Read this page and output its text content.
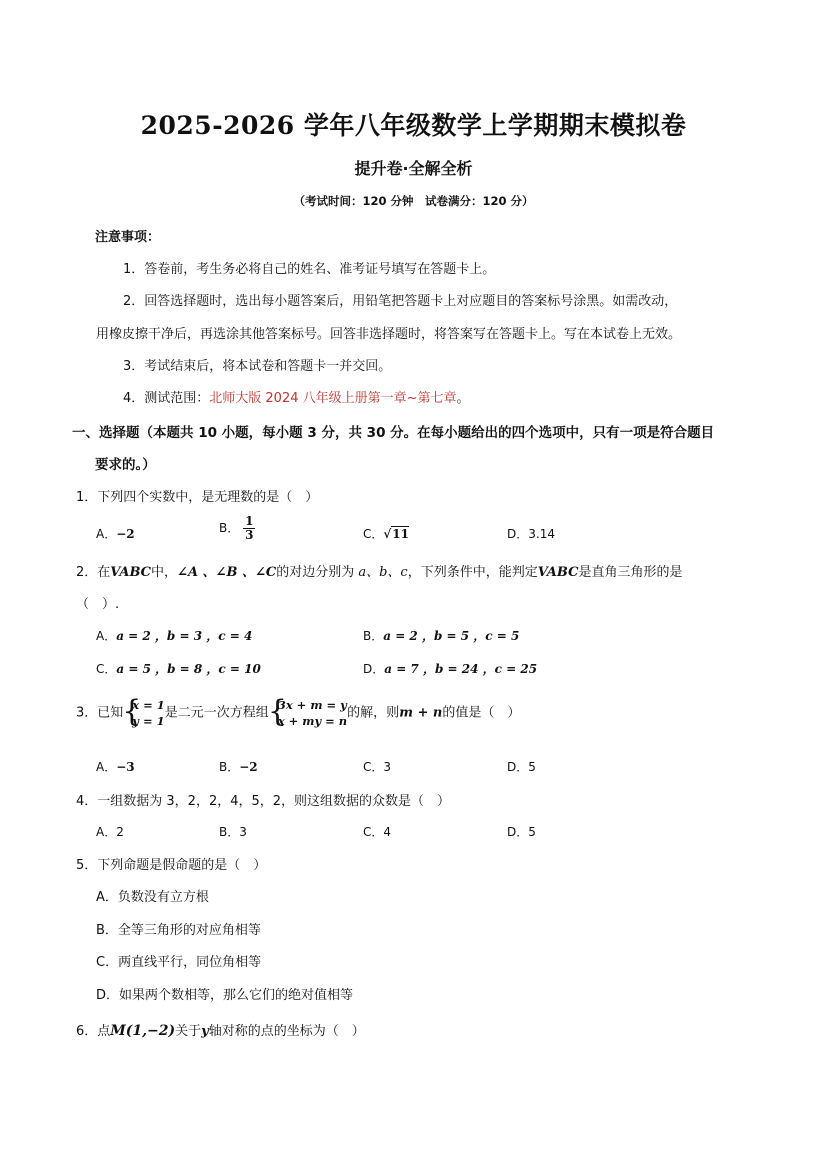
2025-2026 学年八年级数学上学期期末模拟卷
提升卷·全解全析
（考试时间：120 分钟　试卷满分：120 分）
注意事项：
1．答卷前，考生务必将自己的姓名、准考证号填写在答题卡上。
2．回答选择题时，选出每小题答案后，用铅笔把答题卡上对应题目的答案标号涂黑。如需改动，
用橡皮擦干净后，再选涂其他答案标号。回答非选择题时，将答案写在答题卡上。写在本试卷上无效。
3．考试结束后，将本试卷和答题卡一并交回。
4．测试范围：北师大版 2024 八年级上册第一章~第七章。
一、选择题（本题共 10 小题，每小题 3 分，共 30 分。在每小题给出的四个选项中，只有一项是符合题目
要求的。）
1．下列四个实数中，是无理数的是（　）
A．−2	B． $\frac{1}{3}$	C．√11	D．3.14
2．在VABC中，∠A 、∠B 、∠C的对边分别为 a、b、c，下列条件中，能判定VABC是直角三角形的是
（　）.
A．a = 2 ，b = 3 ，c = 4	B．a = 2 ，b = 5 ，c = 5
C．a = 5 ，b = 8 ，c = 10	D．a = 7 ，b = 24 ，c = 25
3．已知 {
x = 1
y = 1
是二元一次方程组 {
3x + m = y
x + my = n
的解，则m + n的值是（　）
A．−3	B．−2	C．3	D．5
4．一组数据为 3，2，2，4，5，2，则这组数据的众数是（　）
A．2	B．3	C．4	D．5
5．下列命题是假命题的是（　）
A．负数没有立方根
B．全等三角形的对应角相等
C．两直线平行，同位角相等
D．如果两个数相等，那么它们的绝对值相等
6．点M(1,−2)关于y轴对称的点的坐标为（　）
